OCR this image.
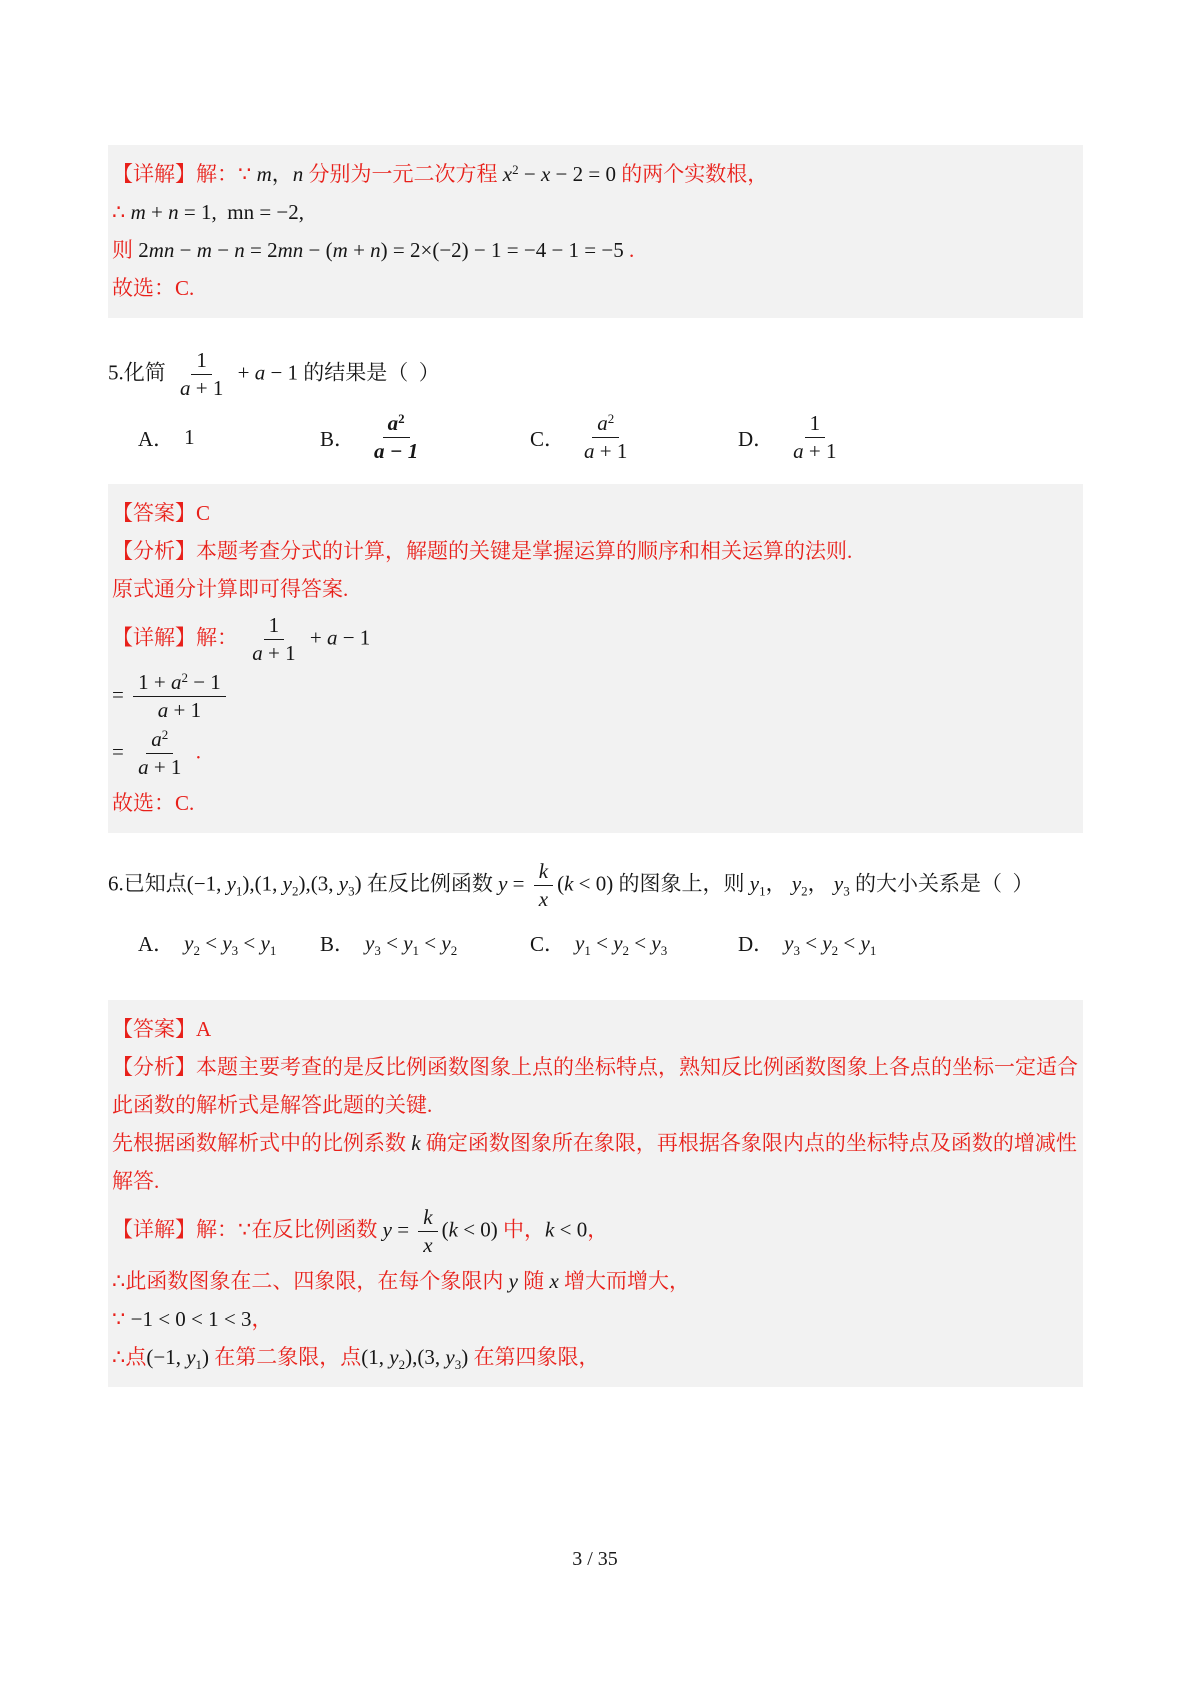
【详解】解：∵ m，n 分别为一元二次方程 $x^2 - x - 2 = 0$ 的两个实数根，
∴ m + n = 1,  mn = −2,
则 2mn − m − n = 2mn − (m + n) = 2×(−2) − 1 = −4 − 1 = −5 .
故选：C.
5.化简 $\frac{1}{a + 1} + a - 1$ 的结果是（  ）
A． 1	B． $\frac{a^2}{a - 1}$	C． $\frac{a^2}{a + 1}$	D． $\frac{1}{a + 1}$
【答案】C
【分析】本题考查分式的计算，解题的关键是掌握运算的顺序和相关运算的法则.
原式通分计算即可得答案.
【详解】解： $\frac{1}{a + 1} + a - 1$
= $\frac{1 + a^2 - 1}{a + 1}$
= $\frac{a^2}{a + 1}$ .
故选：C.
6.已知点(−1, $y_1),(1$, $y_2),(3$, $y_3$) 在反比例函数 $y = \frac{k}{x} (k < 0)$ 的图象上，则 $y_1$， $y_2$， $y_3$ 的大小关系是（  ）
A． $y_2 < y_3 < y_1$ B． $y_3 < y_1 < y_2$	C． $y_1 < y_2 < y_3$	D． $y_3 < y_2 < y_1$
【答案】A
【分析】本题主要考查的是反比例函数图象上点的坐标特点，熟知反比例函数图象上各点的坐标一定适合
此函数的解析式是解答此题的关键.
先根据函数解析式中的比例系数 k 确定函数图象所在象限，再根据各象限内点的坐标特点及函数的增减性
解答.
【详解】解：∵在反比例函数 $y = \frac{k}{x} (k < 0)$ 中，k < 0，
∴此函数图象在二、四象限，在每个象限内 y 随 x 增大而增大，
∵ −1 < 0 < 1 < 3，
∴点(−1, $y_1$) 在第二象限，点(1, $y_2),(3$, $y_3$) 在第四象限，
3 / 35
